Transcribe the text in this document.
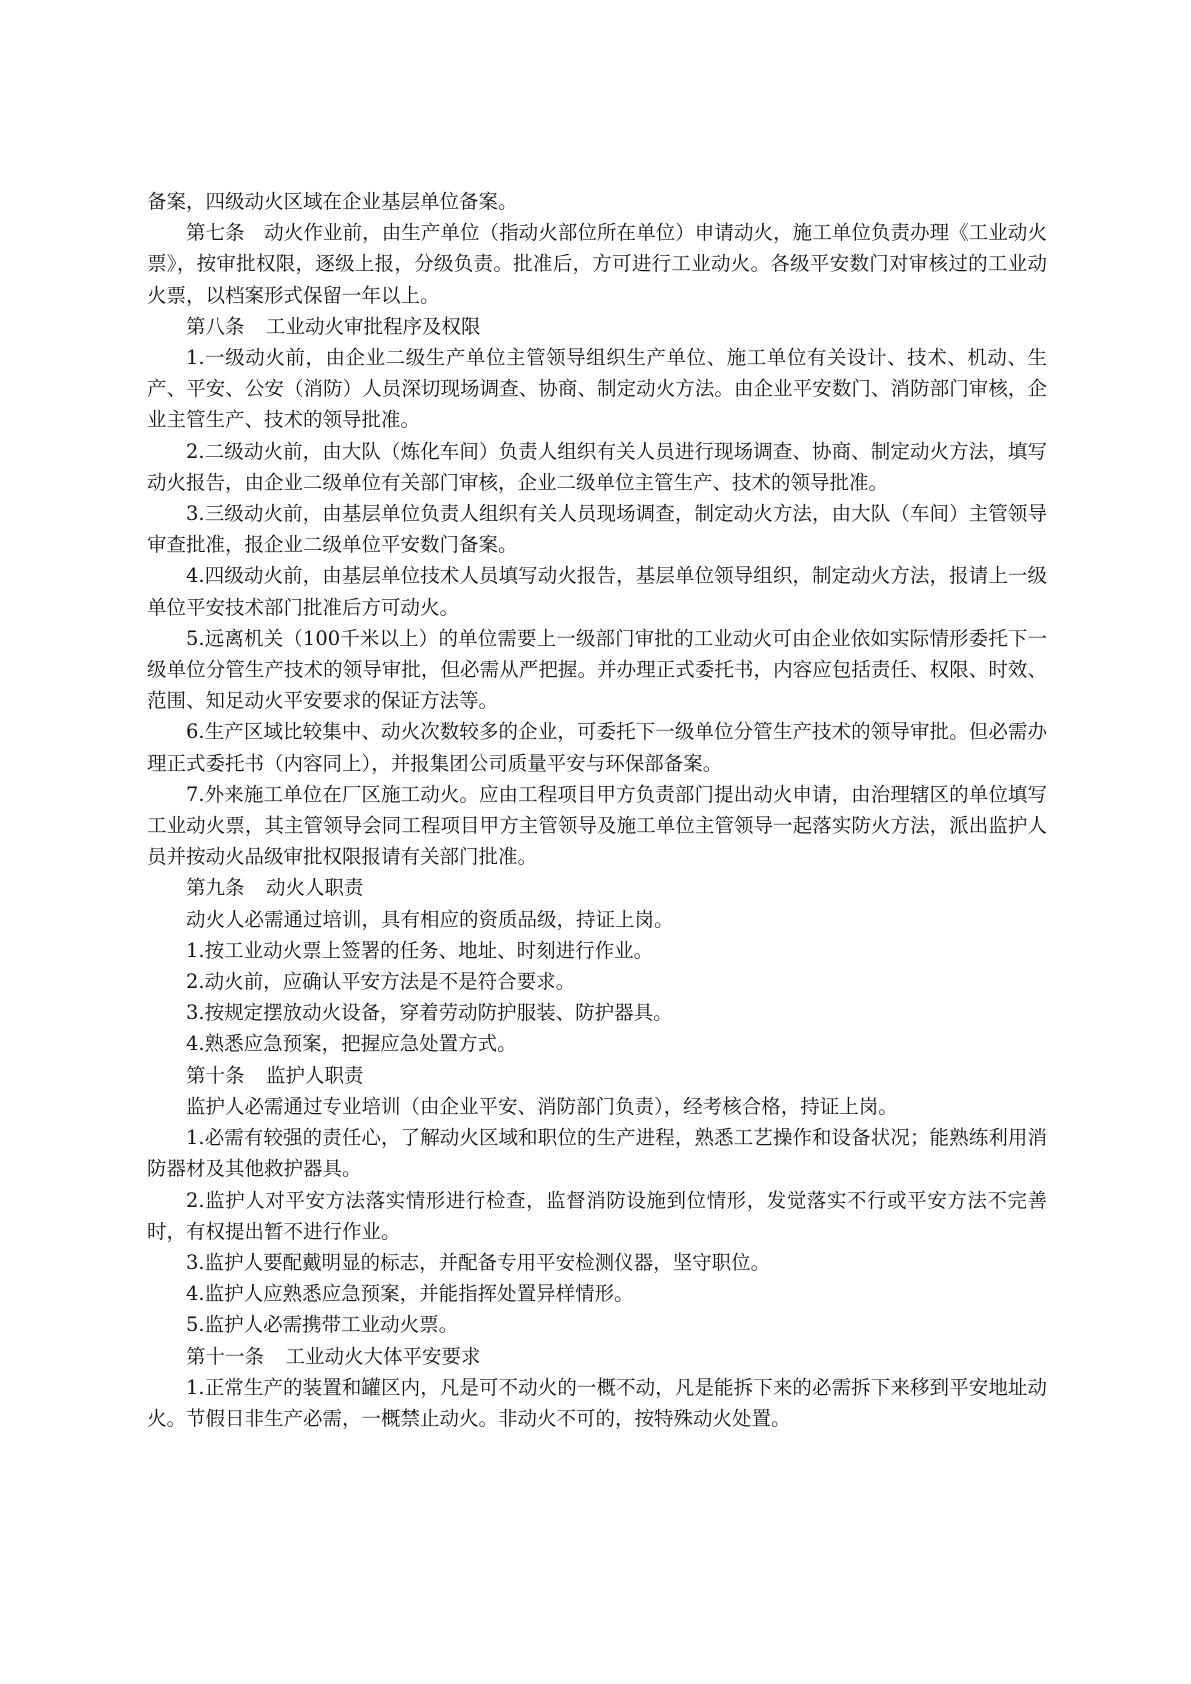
备案，四级动火区域在企业基层单位备案。

第七条　动火作业前，由生产单位（指动火部位所在单位）申请动火，施工单位负责办理《工业动火票》，按审批权限，逐级上报，分级负责。批准后，方可进行工业动火。各级平安数门对审核过的工业动火票，以档案形式保留一年以上。

第八条 工业动火审批程序及权限

1.一级动火前，由企业二级生产单位主管领导组织生产单位、施工单位有关设计、技术、机动、生产、平安、公安（消防）人员深切现场调查、协商、制定动火方法。由企业平安数门、消防部门审核，企业主管生产、技术的领导批准。

2.二级动火前，由大队（炼化车间）负责人组织有关人员进行现场调查、协商、制定动火方法，填写动火报告，由企业二级单位有关部门审核，企业二级单位主管生产、技术的领导批准。

3.三级动火前，由基层单位负责人组织有关人员现场调查，制定动火方法，由大队（车间）主管领导审查批准，报企业二级单位平安数门备案。

4.四级动火前，由基层单位技术人员填写动火报告，基层单位领导组织，制定动火方法，报请上一级单位平安技术部门批准后方可动火。

5.远离机关（100千米以上）的单位需要上一级部门审批的工业动火可由企业依如实际情形委托下一级单位分管生产技术的领导审批，但必需从严把握。并办理正式委托书，内容应包括责任、权限、时效、范围、知足动火平安要求的保证方法等。

6.生产区域比较集中、动火次数较多的企业，可委托下一级单位分管生产技术的领导审批。但必需办理正式委托书（内容同上），并报集团公司质量平安与环保部备案。

7.外来施工单位在厂区施工动火。应由工程项目甲方负责部门提出动火申请，由治理辖区的单位填写工业动火票，其主管领导会同工程项目甲方主管领导及施工单位主管领导一起落实防火方法，派出监护人员并按动火品级审批权限报请有关部门批准。

第九条 动火人职责

动火人必需通过培训，具有相应的资质品级，持证上岗。

1.按工业动火票上签署的任务、地址、时刻进行作业。

2.动火前，应确认平安方法是不是符合要求。

3.按规定摆放动火设备，穿着劳动防护服装、防护器具。

4.熟悉应急预案，把握应急处置方式。

第十条 监护人职责

监护人必需通过专业培训（由企业平安、消防部门负责），经考核合格，持证上岗。

1.必需有较强的责任心，了解动火区域和职位的生产进程，熟悉工艺操作和设备状况；能熟练利用消防器材及其他救护器具。

2.监护人对平安方法落实情形进行检查，监督消防设施到位情形，发觉落实不行或平安方法不完善时，有权提出暂不进行作业。

3.监护人要配戴明显的标志，并配备专用平安检测仪器，坚守职位。

4.监护人应熟悉应急预案，并能指挥处置异样情形。

5.监护人必需携带工业动火票。

第十一条 工业动火大体平安要求

1.正常生产的装置和罐区内，凡是可不动火的一概不动，凡是能拆下来的必需拆下来移到平安地址动火。节假日非生产必需，一概禁止动火。非动火不可的，按特殊动火处置。
